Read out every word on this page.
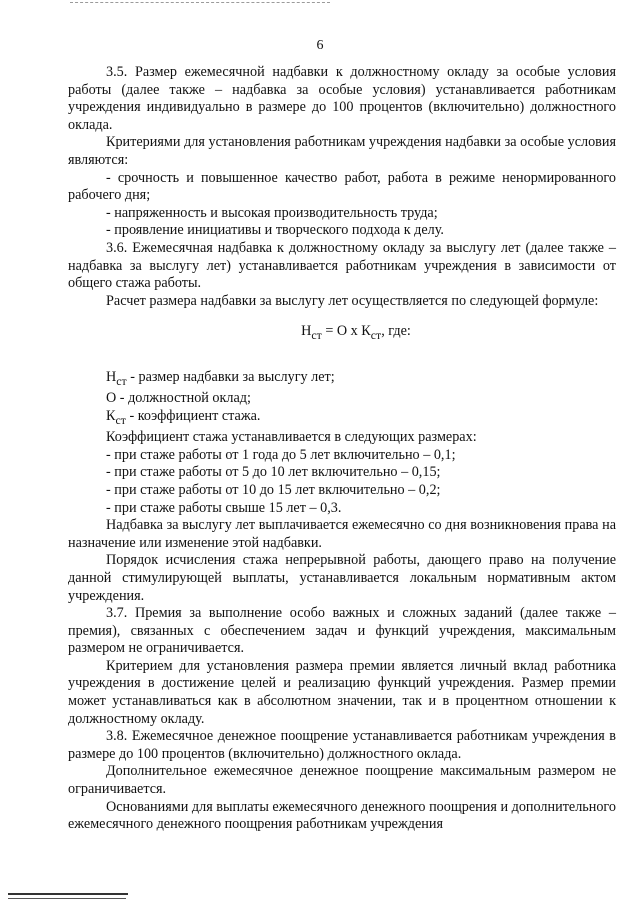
6

3.5. Размер ежемесячной надбавки к должностному окладу за особые условия работы (далее также – надбавка за особые условия) устанавливается работникам учреждения индивидуально в размере до 100 процентов (включительно) должностного оклада.

Критериями для установления работникам учреждения надбавки за особые условия являются:

- срочность и повышенное качество работ, работа в режиме ненормированного рабочего дня;

- напряженность и высокая производительность труда;

- проявление инициативы и творческого подхода к делу.

3.6. Ежемесячная надбавка к должностному окладу за выслугу лет (далее также – надбавка за выслугу лет) устанавливается работникам учреждения в зависимости от общего стажа работы.

Расчет размера надбавки за выслугу лет осуществляется по следующей формуле:

$Н_{ст} = О$ х $К_{ст}$, где:

$Н_{ст}$ - размер надбавки за выслугу лет;

О - должностной оклад;

$К_{ст}$ - коэффициент стажа.

Коэффициент стажа устанавливается в следующих размерах:

- при стаже работы от 1 года до 5 лет включительно – 0,1;

- при стаже работы от 5 до 10 лет включительно – 0,15;

- при стаже работы от 10 до 15 лет включительно – 0,2;

- при стаже работы свыше 15 лет – 0,3.

Надбавка за выслугу лет выплачивается ежемесячно со дня возникновения права на назначение или изменение этой надбавки.

Порядок исчисления стажа непрерывной работы, дающего право на получение данной стимулирующей выплаты, устанавливается локальным нормативным актом учреждения.

3.7. Премия за выполнение особо важных и сложных заданий (далее также – премия), связанных с обеспечением задач и функций учреждения, максимальным размером не ограничивается.

Критерием для установления размера премии является личный вклад работника учреждения в достижение целей и реализацию функций учреждения. Размер премии может устанавливаться как в абсолютном значении, так и в процентном отношении к должностному окладу.

3.8. Ежемесячное денежное поощрение устанавливается работникам учреждения в размере до 100 процентов (включительно) должностного оклада.

Дополнительное ежемесячное денежное поощрение максимальным размером не ограничивается.

Основаниями для выплаты ежемесячного денежного поощрения и дополнительного ежемесячного денежного поощрения работникам учреждения
